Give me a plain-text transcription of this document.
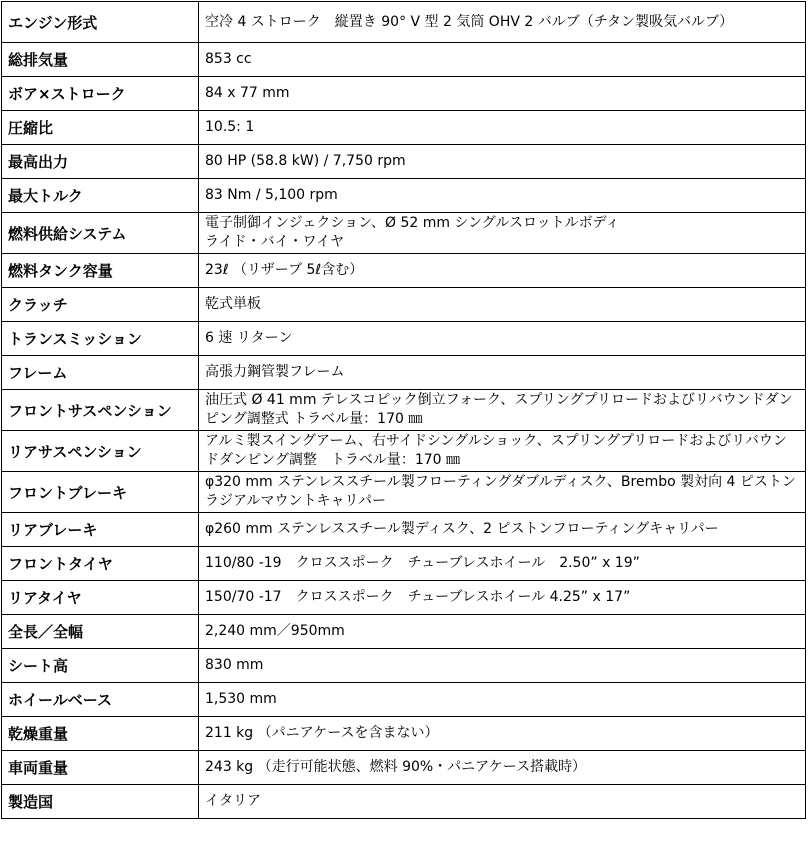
エンジン形式	空冷 4 ストローク　縦置き 90° V 型 2 気筒 OHV 2 バルブ（チタン製吸気バルブ）
総排気量	853 cc
ボア×ストローク	84 x 77 mm
圧縮比	10.5: 1
最高出力	80 HP (58.8 kW) / 7,750 rpm
最大トルク	83 Nm / 5,100 rpm
燃料供給システム	電子制御インジェクション、Ø 52 mm シングルスロットルボディ
ライド・バイ・ワイヤ

燃料タンク容量	23ℓ （リザーブ 5ℓ含む）
クラッチ	乾式単板
トランスミッション	6 速 リターン
フレーム	高張力鋼管製フレーム
フロントサスペンション	油圧式 Ø 41 mm テレスコピック倒立フォーク、スプリングプリロードおよびリバウンドダンピング調整式 トラベル量：170 ㎜
リアサスペンション	アルミ製スイングアーム、右サイドシングルショック、スプリングプリロードおよびリバウンドダンピング調整　トラベル量：170 ㎜
フロントブレーキ	φ320 mm ステンレススチール製フローティングダブルディスク、Brembo 製対向 4 ピストンラジアルマウントキャリパー
リアブレーキ	φ260 mm ステンレススチール製ディスク、2 ピストンフローティングキャリパー
フロントタイヤ	110/80 -19　クロススポーク　チューブレスホイール　2.50” x 19”
リアタイヤ	150/70 -17　クロススポーク　チューブレスホイール 4.25” x 17”
全長／全幅	2,240 mm／950mm
シート高	830 mm
ホイールベース	1,530 mm
乾燥重量	211 kg （パニアケースを含まない）
車両重量	243 kg （走行可能状態、燃料 90%・パニアケース搭載時）
製造国	イタリア
